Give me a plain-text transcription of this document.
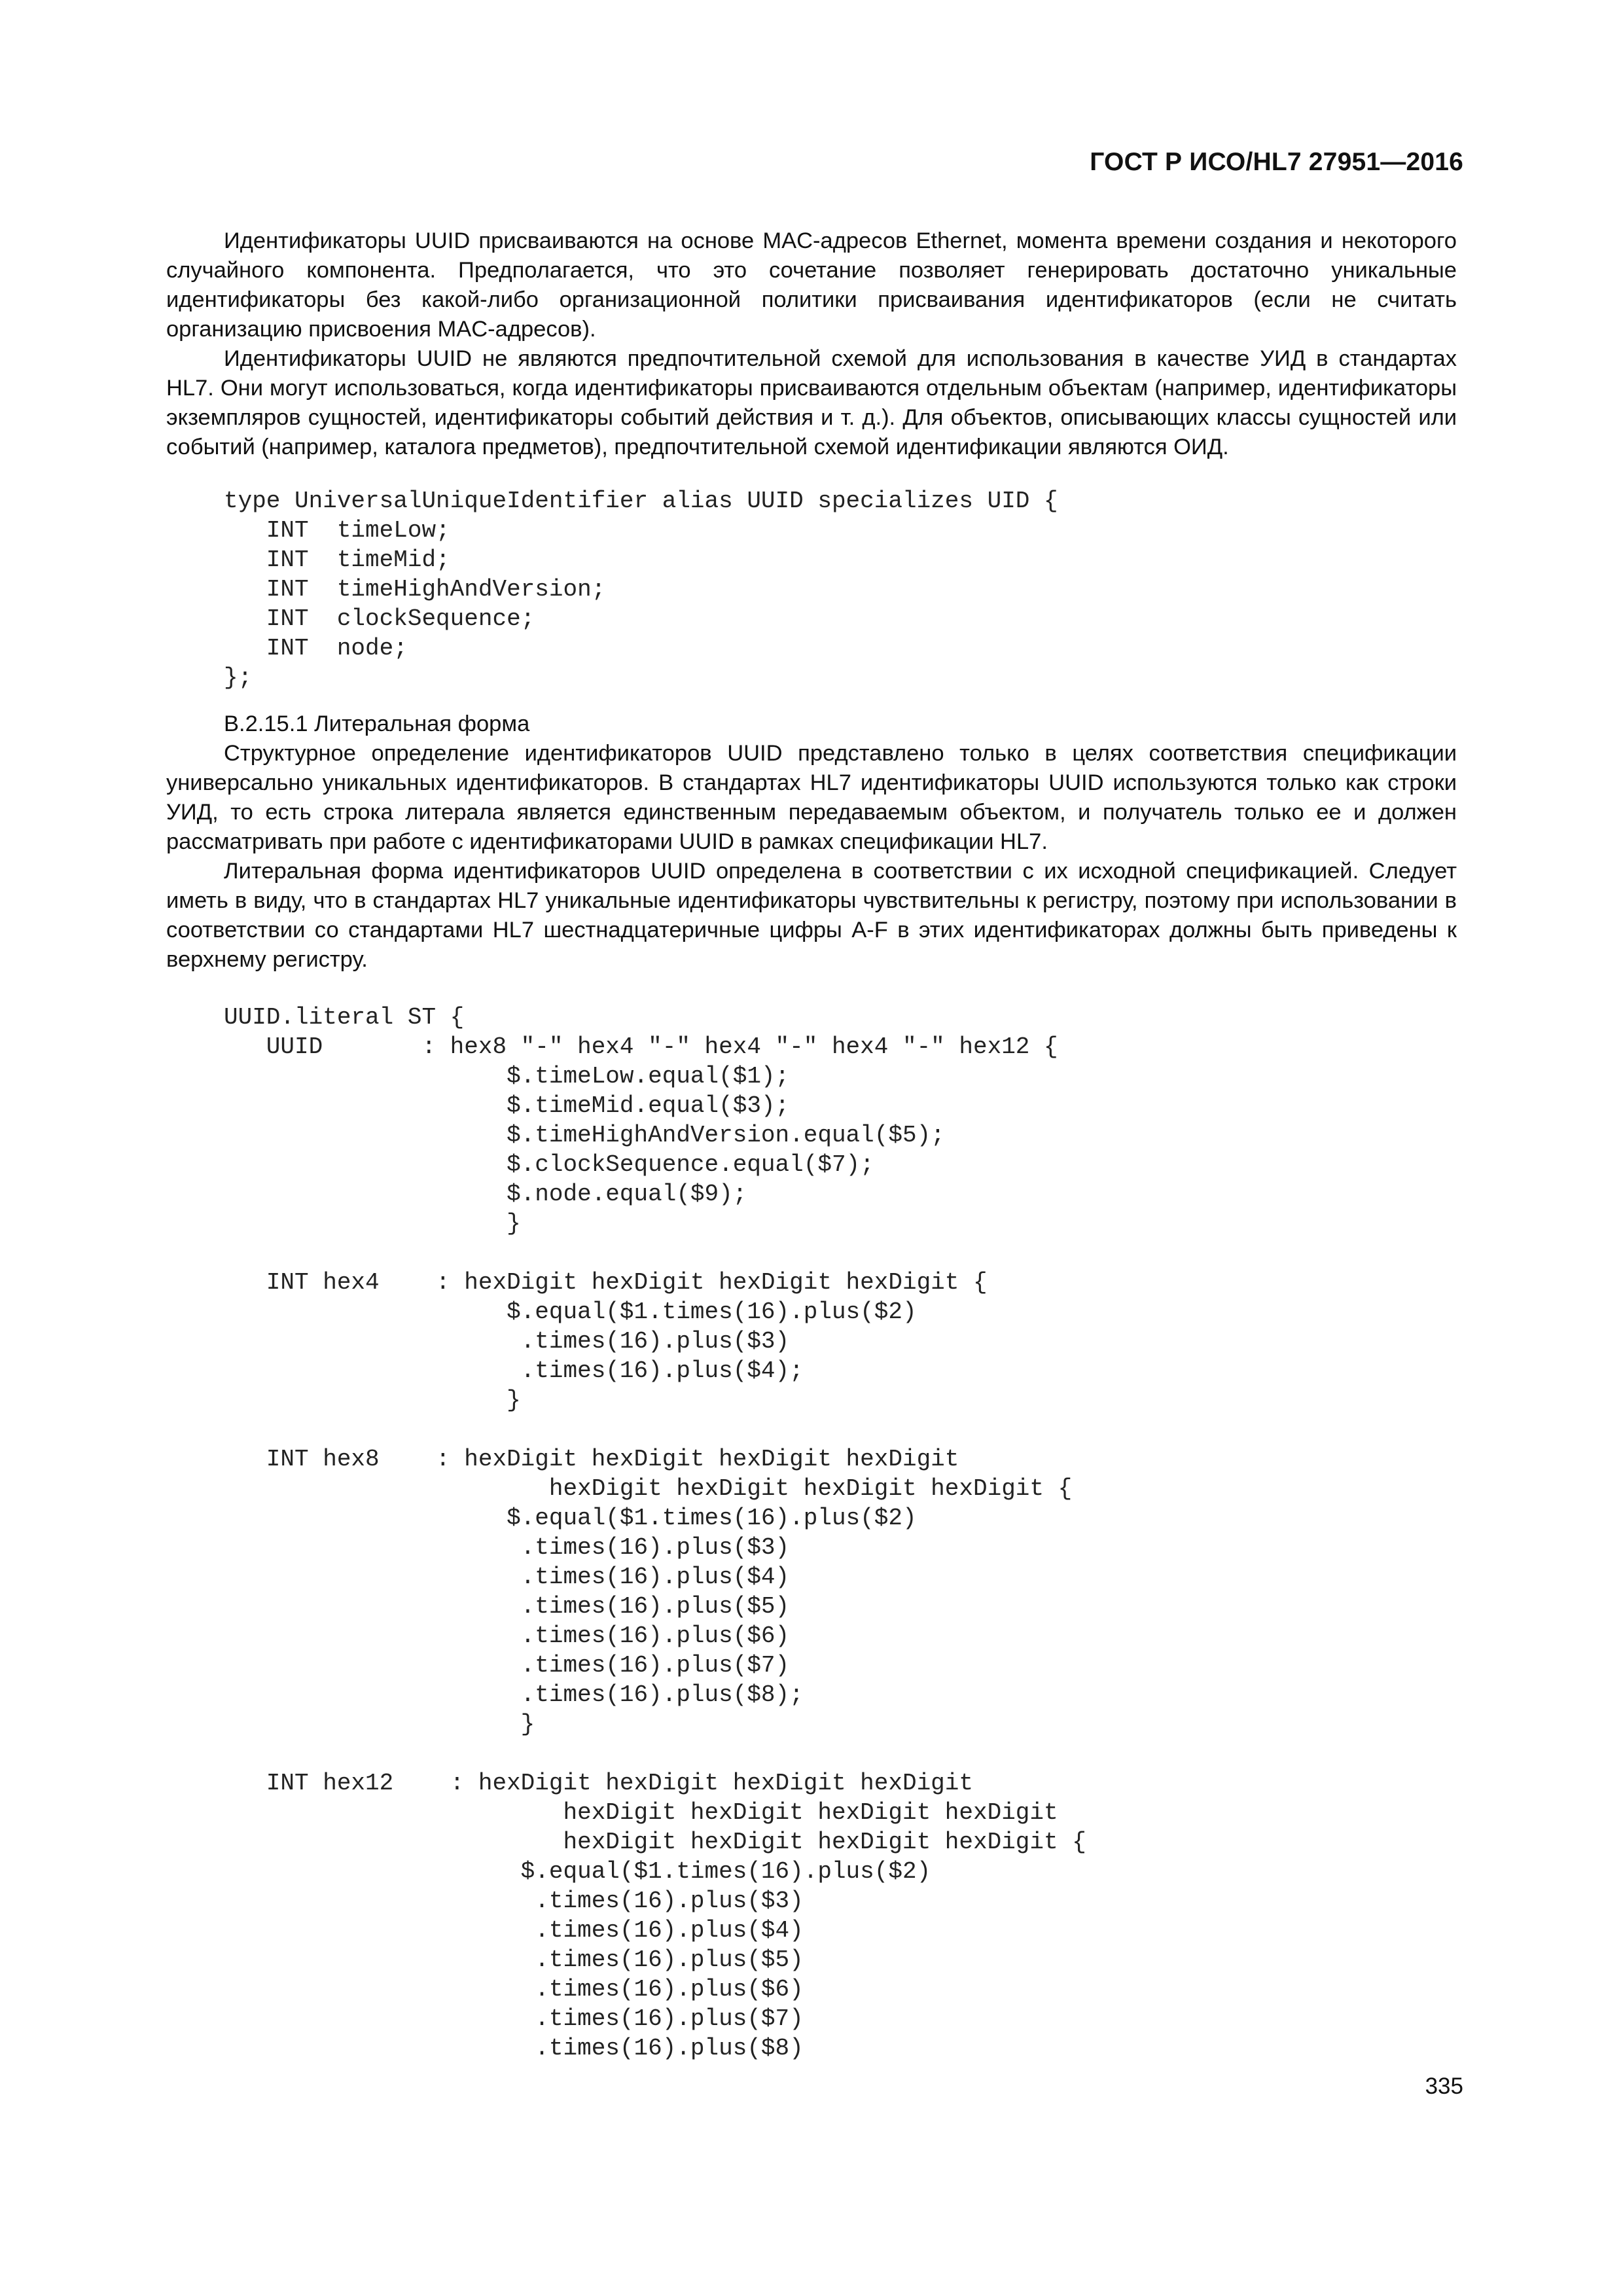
ГОСТ Р ИСО/HL7 27951—2016

Идентификаторы UUID присваиваются на основе MAC-адресов Ethernet, момента времени создания и некоторого случайного компонента. Предполагается, что это сочетание позволяет генерировать достаточно уникальные идентификаторы без какой-либо организационной политики присваивания идентификаторов (если не считать организацию присвоения MAC-адресов).

Идентификаторы UUID не являются предпочтительной схемой для использования в качестве УИД в стандартах HL7. Они могут использоваться, когда идентификаторы присваиваются отдельным объектам (например, идентификаторы экземпляров сущностей, идентификаторы событий действия и т. д.). Для объектов, описывающих классы сущностей или событий (например, каталога предметов), предпочтительной схемой идентификации являются ОИД.

type UniversalUniqueIdentifier alias UUID specializes UID {
INT  timeLow;
INT  timeMid;
INT  timeHighAndVersion;
INT  clockSequence;
INT  node;
};

В.2.15.1 Литеральная форма

Структурное определение идентификаторов UUID представлено только в целях соответствия спецификации универсально уникальных идентификаторов. В стандартах HL7 идентификаторы UUID используются только как строки УИД, то есть строка литерала является единственным передаваемым объектом, и получатель только ее и должен рассматривать при работе с идентификаторами UUID в рамках спецификации HL7.

Литеральная форма идентификаторов UUID определена в соответствии с их исходной спецификацией. Следует иметь в виду, что в стандартах HL7 уникальные идентификаторы чувствительны к регистру, поэтому при использовании в соответствии со стандартами HL7 шестнадцатеричные цифры A-F в этих идентификаторах должны быть приведены к верхнему регистру.

UUID.literal ST {
UUID       : hex8 "-" hex4 "-" hex4 "-" hex4 "-" hex12 {
$.timeLow.equal($1);
$.timeMid.equal($3);
$.timeHighAndVersion.equal($5);
$.clockSequence.equal($7);
$.node.equal($9);
}

INT hex4    : hexDigit hexDigit hexDigit hexDigit {
$.equal($1.times(16).plus($2)
.times(16).plus($3)
.times(16).plus($4);
}

INT hex8    : hexDigit hexDigit hexDigit hexDigit
hexDigit hexDigit hexDigit hexDigit {
$.equal($1.times(16).plus($2)
.times(16).plus($3)
.times(16).plus($4)
.times(16).plus($5)
.times(16).plus($6)
.times(16).plus($7)
.times(16).plus($8);
}

INT hex12    : hexDigit hexDigit hexDigit hexDigit
hexDigit hexDigit hexDigit hexDigit
hexDigit hexDigit hexDigit hexDigit {
$.equal($1.times(16).plus($2)
.times(16).plus($3)
.times(16).plus($4)
.times(16).plus($5)
.times(16).plus($6)
.times(16).plus($7)
.times(16).plus($8)
335
